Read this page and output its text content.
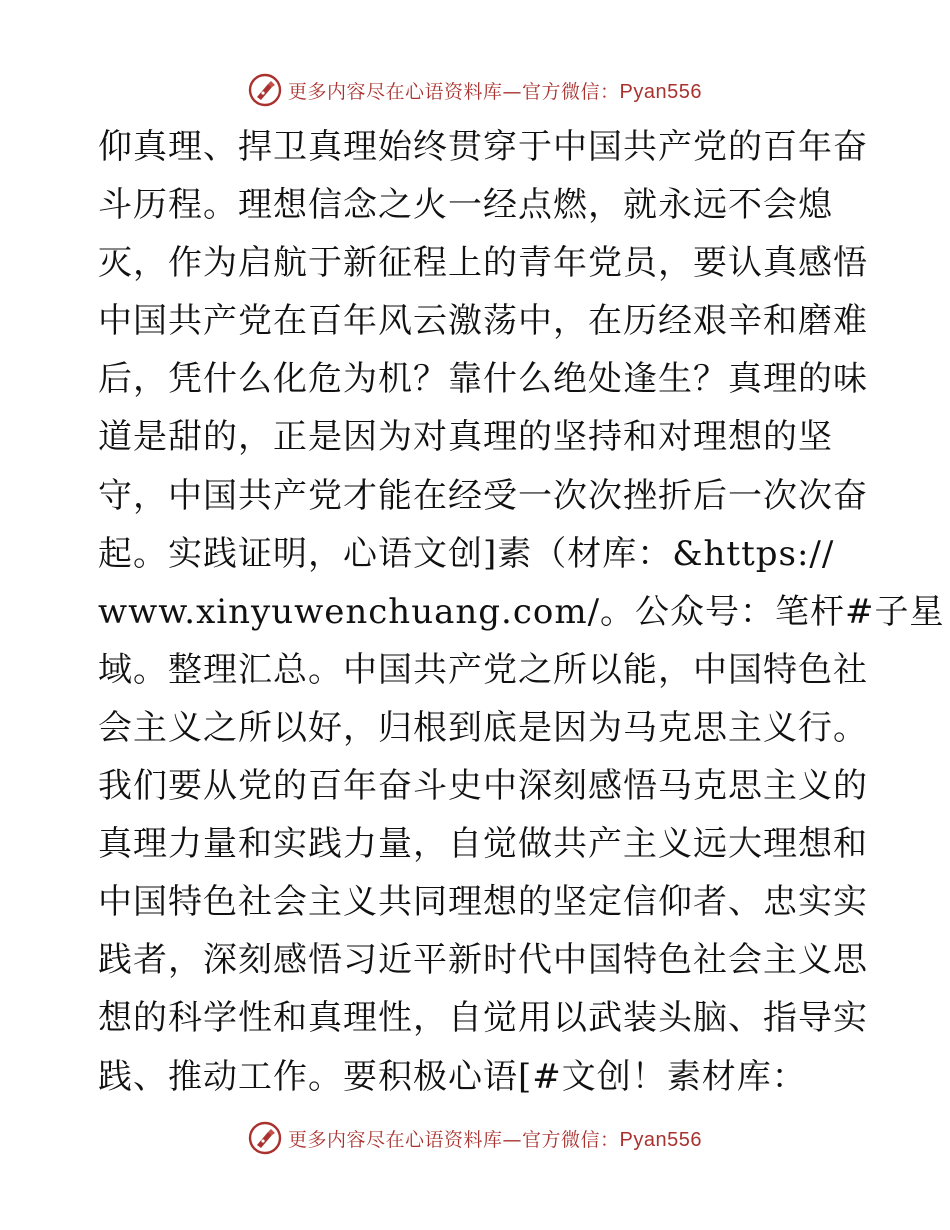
更多内容尽在心语资料库—官方微信：Pyan556
仰真理、捍卫真理始终贯穿于中国共产党的百年奋
斗历程。理想信念之火一经点燃，就永远不会熄
灭，作为启航于新征程上的青年党员，要认真感悟
中国共产党在百年风云激荡中，在历经艰辛和磨难
后，凭什么化危为机？靠什么绝处逢生？真理的味
道是甜的，正是因为对真理的坚持和对理想的坚
守，中国共产党才能在经受一次次挫折后一次次奋
起。实践证明，心语文创]素（材库：&https://
www.xinyuwenchuang.com/。公众号：笔杆#子星
域。整理汇总。中国共产党之所以能，中国特色社
会主义之所以好，归根到底是因为马克思主义行。
我们要从党的百年奋斗史中深刻感悟马克思主义的
真理力量和实践力量，自觉做共产主义远大理想和
中国特色社会主义共同理想的坚定信仰者、忠实实
践者，深刻感悟习近平新时代中国特色社会主义思
想的科学性和真理性，自觉用以武装头脑、指导实
践、推动工作。要积极心语[#文创！素材库：
更多内容尽在心语资料库—官方微信：Pyan556
